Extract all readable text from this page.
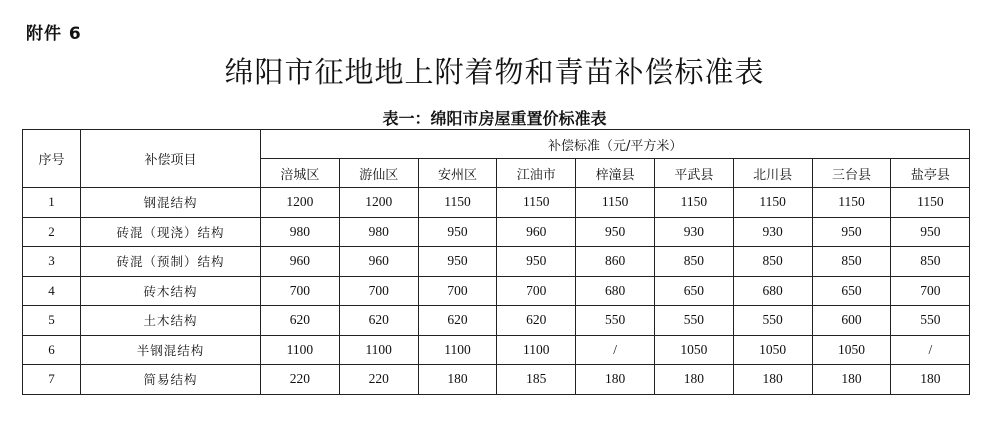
附件 6
绵阳市征地地上附着物和青苗补偿标准表
表一：绵阳市房屋重置价标准表
序号	补偿项目	补偿标准（元/平方米）								
		涪城区	游仙区	安州区	江油市	梓潼县	平武县	北川县	三台县	盐亭县
1	钢混结构	1200	1200	1150	1150	1150	1150	1150	1150	1150
2	砖混（现浇）结构	980	980	950	960	950	930	930	950	950
3	砖混（预制）结构	960	960	950	950	860	850	850	850	850
4	砖木结构	700	700	700	700	680	650	680	650	700
5	土木结构	620	620	620	620	550	550	550	600	550
6	半钢混结构	1100	1100	1100	1100	/	1050	1050	1050	/
7	简易结构	220	220	180	185	180	180	180	180	180
